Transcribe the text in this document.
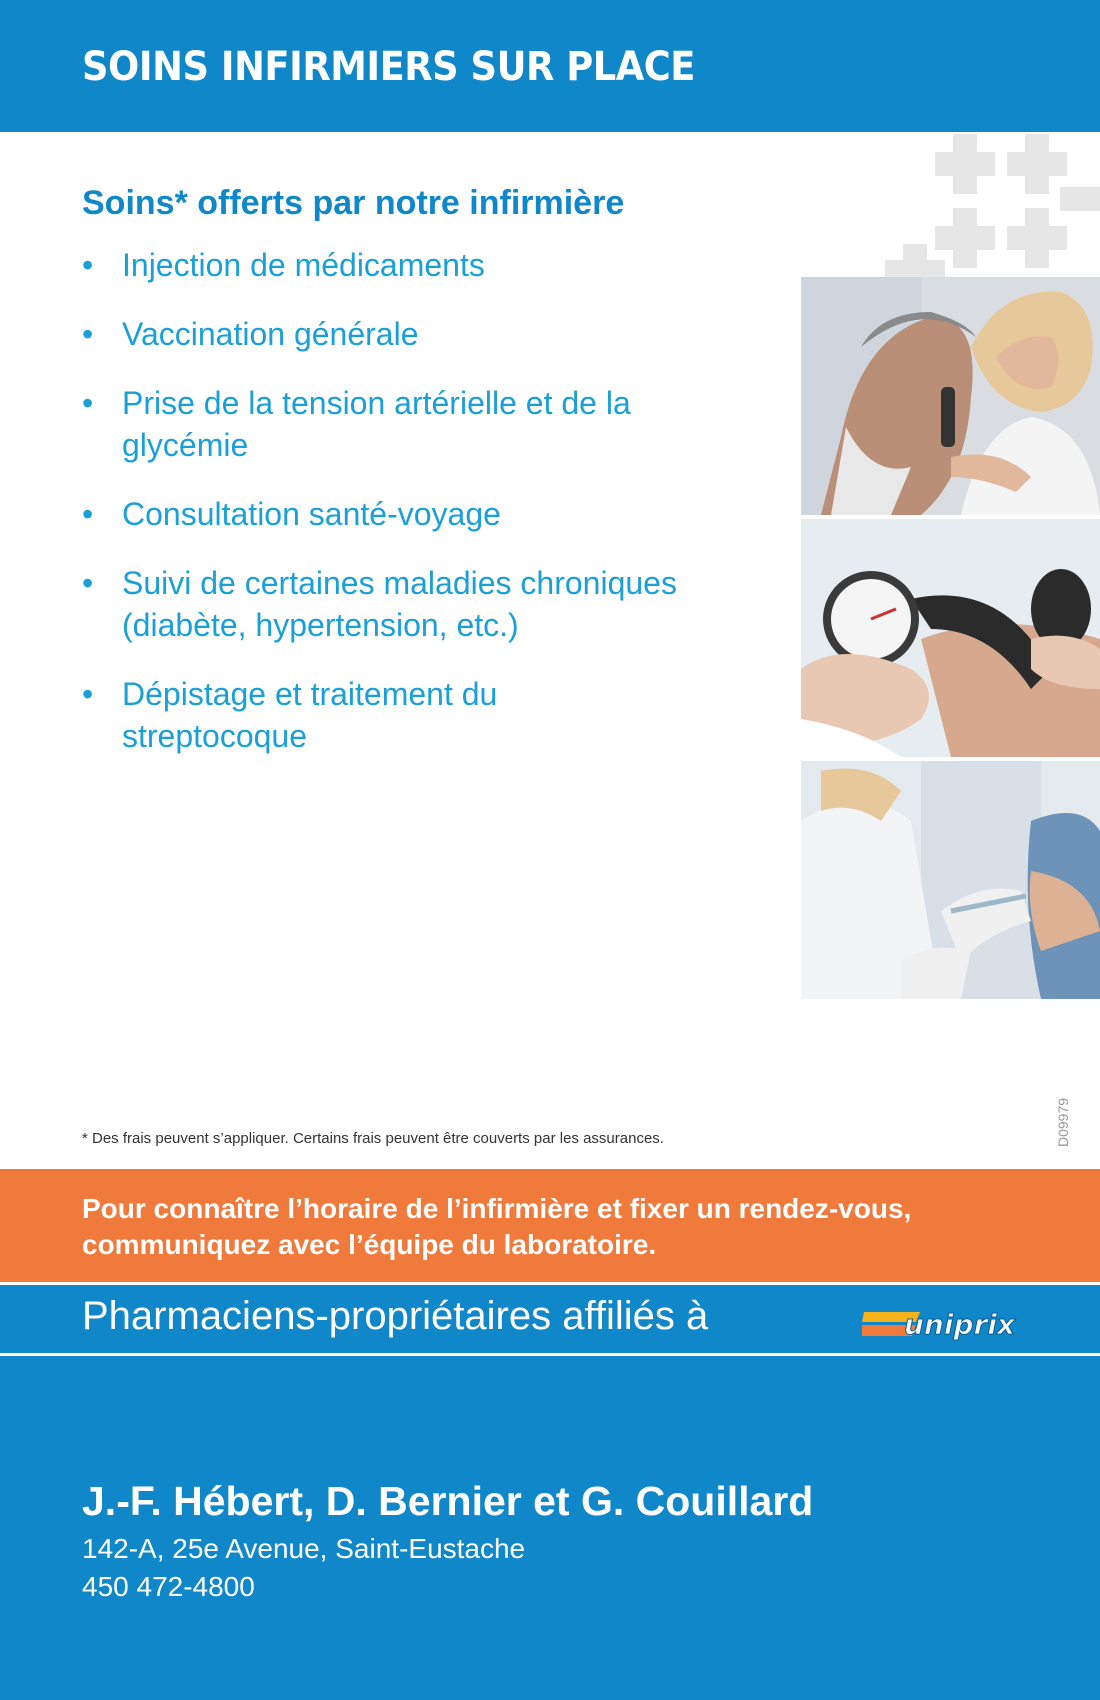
SOINS INFIRMIERS SUR PLACE
Soins* offerts par notre infirmière
• Injection de médicaments
• Vaccination générale
• Prise de la tension artérielle et de la glycémie
• Consultation santé-voyage
• Suivi de certaines maladies chroniques (diabète, hypertension, etc.)
• Dépistage et traitement du streptocoque
* Des frais peuvent s’appliquer. Certains frais peuvent être couverts par les assurances.	D09979

Pour connaître l’horaire de l’infirmière et fixer un rendez-vous, communiquez avec l’équipe du laboratoire.

Pharmaciens-propriétaires affiliés à	uniprix
J.-F. Hébert, D. Bernier et G. Couillard
142-A, 25e Avenue, Saint-Eustache
450 472-4800
